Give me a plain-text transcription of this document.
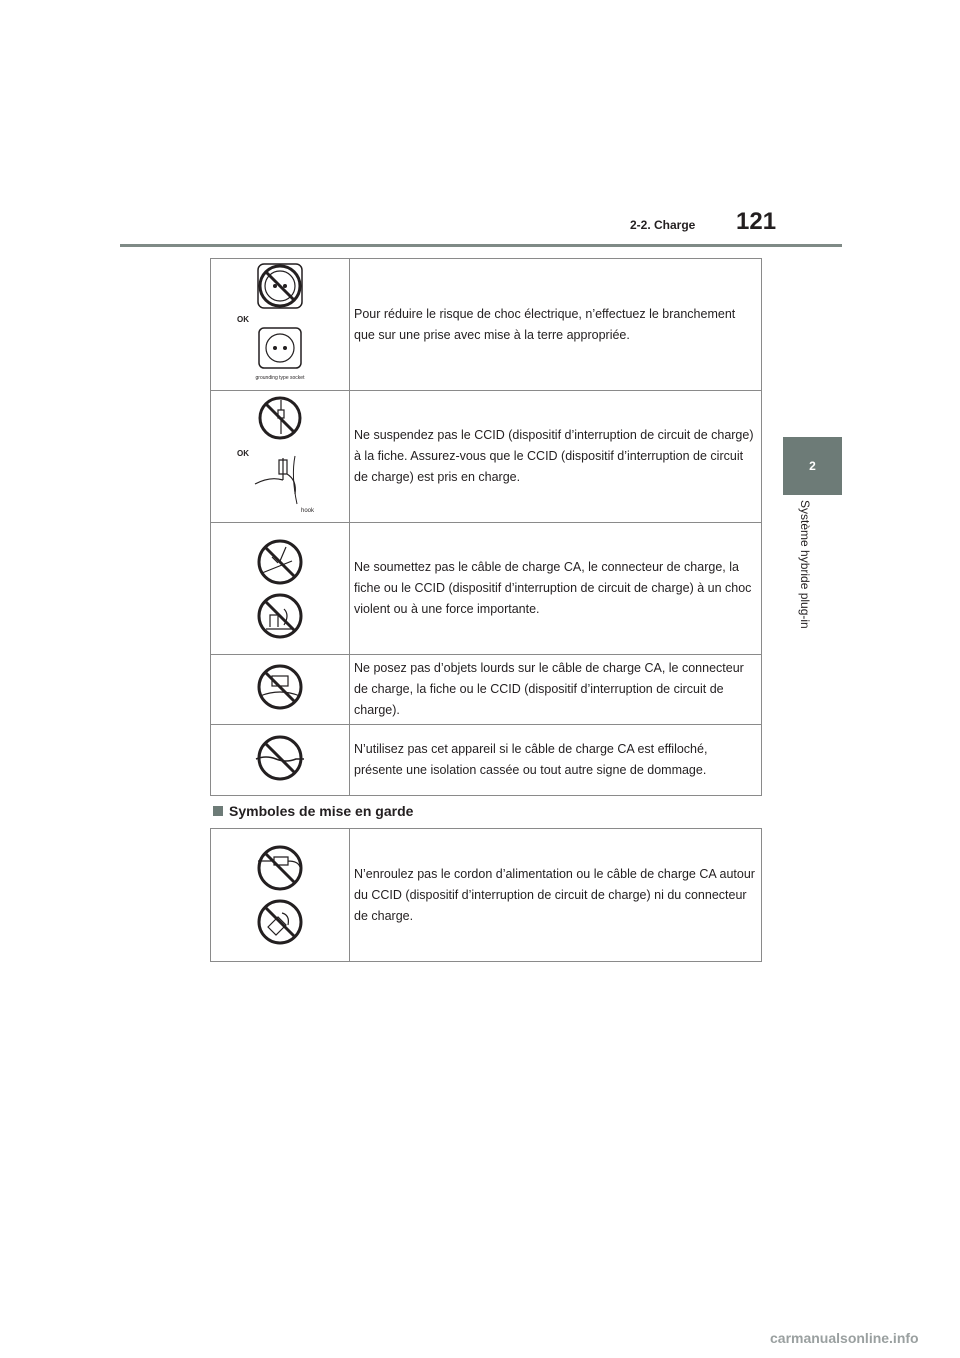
2-2. Charge 121
2
Système hybride plug-in
OK
grounding type socket	Pour réduire le risque de choc électrique, n’effectuez le branchement que sur une prise avec mise à la terre appropriée.

OK
hook	Ne suspendez pas le CCID (dispositif d’interruption de circuit de charge) à la fiche. Assurez-vous que le CCID (dispositif d’interruption de circuit de charge) est pris en charge.

	Ne soumettez pas le câble de charge CA, le connecteur de charge, la fiche ou le CCID (dispositif d’interruption de circuit de charge) à un choc violent ou à une force importante.
	Ne posez pas d’objets lourds sur le câble de charge CA, le connecteur de charge, la fiche ou le CCID (dispositif d’interruption de circuit de charge).
	N’utilisez pas cet appareil si le câble de charge CA est effiloché, présente une isolation cassée ou tout autre signe de dommage.
Symboles de mise en garde
	N’enroulez pas le cordon d’alimentation ou le câble de charge CA autour du CCID (dispositif d’interruption de circuit de charge) ni du connecteur de charge.
carmanualsonline.info
